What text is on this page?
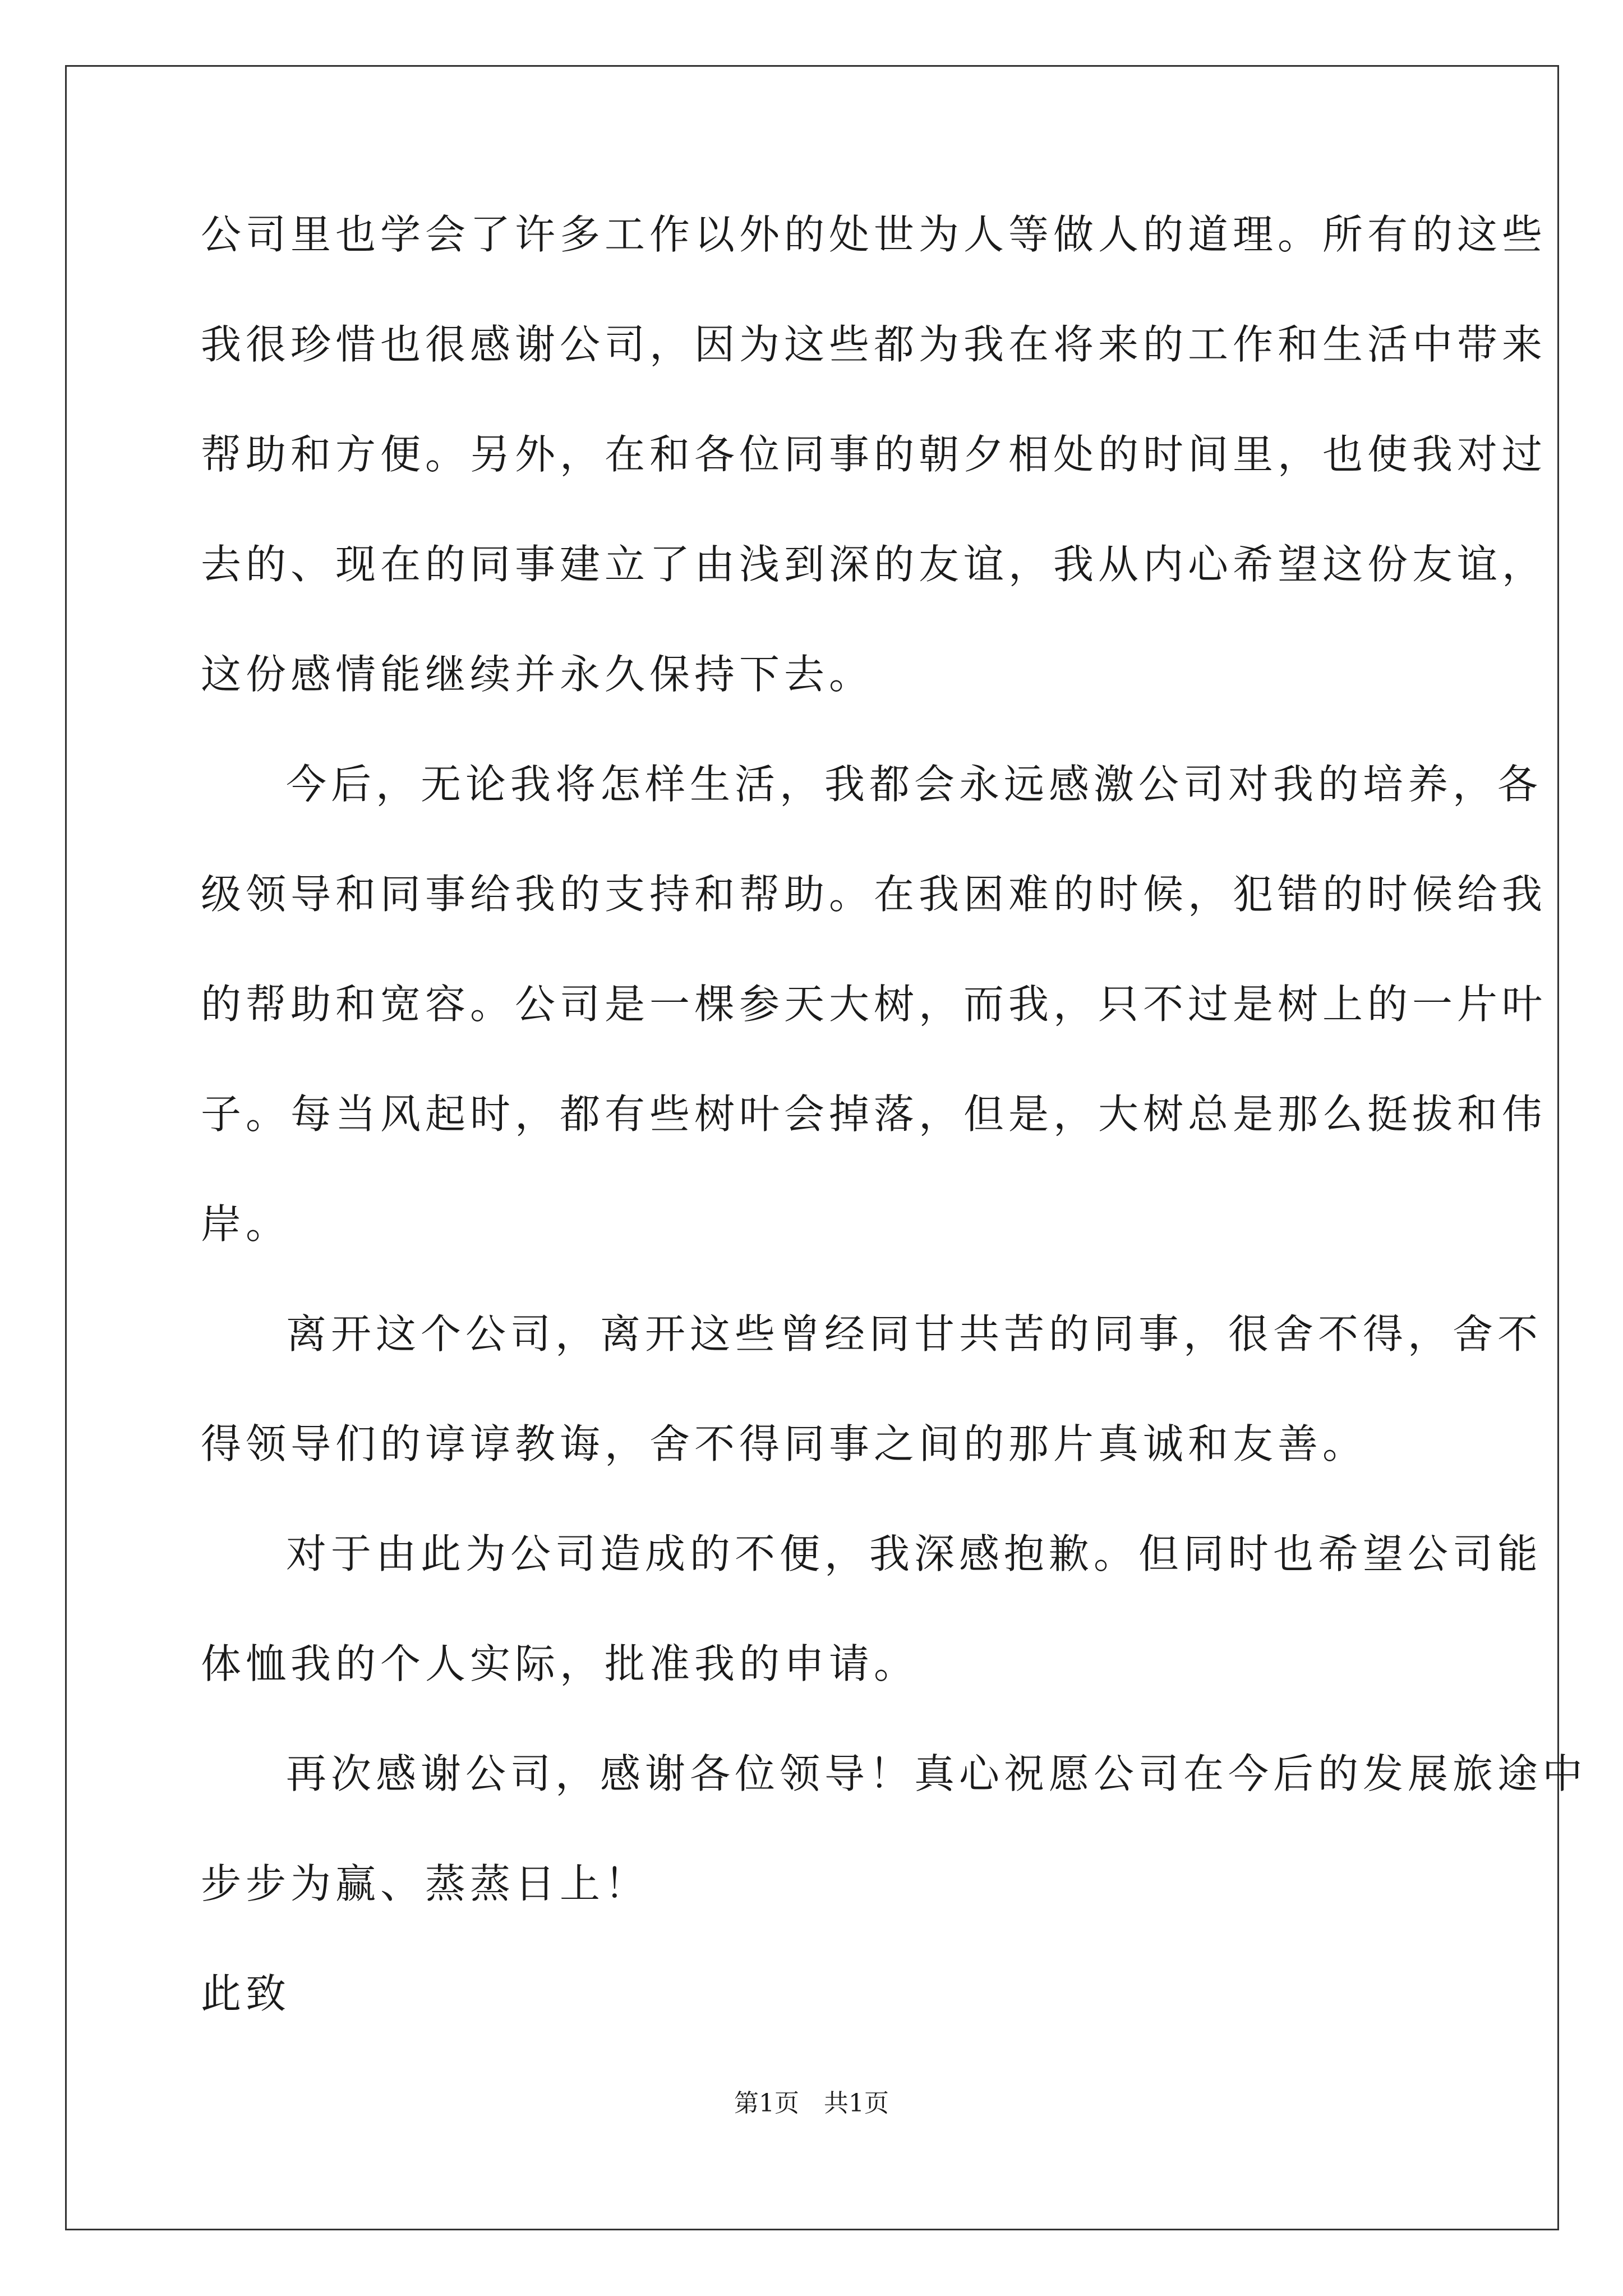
公司里也学会了许多工作以外的处世为人等做人的道理。所有的这些
我很珍惜也很感谢公司，因为这些都为我在将来的工作和生活中带来
帮助和方便。另外，在和各位同事的朝夕相处的时间里，也使我对过
去的、现在的同事建立了由浅到深的友谊，我从内心希望这份友谊，
这份感情能继续并永久保持下去。
今后，无论我将怎样生活，我都会永远感激公司对我的培养，各
级领导和同事给我的支持和帮助。在我困难的时候，犯错的时候给我
的帮助和宽容。公司是一棵参天大树，而我，只不过是树上的一片叶
子。每当风起时，都有些树叶会掉落，但是，大树总是那么挺拔和伟
岸。
离开这个公司，离开这些曾经同甘共苦的同事，很舍不得，舍不
得领导们的谆谆教诲，舍不得同事之间的那片真诚和友善。
对于由此为公司造成的不便，我深感抱歉。但同时也希望公司能
体恤我的个人实际，批准我的申请。
再次感谢公司，感谢各位领导！真心祝愿公司在今后的发展旅途中
步步为赢、蒸蒸日上！
此致
第1页 共1页
